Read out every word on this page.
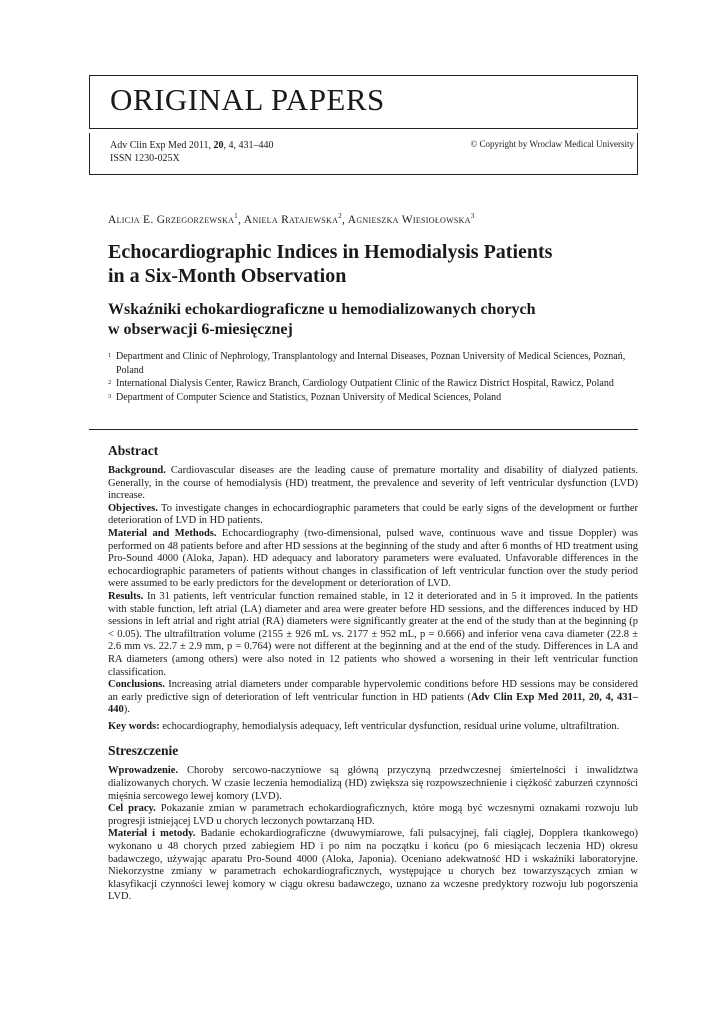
ORIGINAL PAPERS
Adv Clin Exp Med 2011, 20, 4, 431–440
ISSN 1230-025X
© Copyright by Wroclaw Medical University
Alicja E. Grzegorzewska$^1$, Aniela Ratajewska$^2$, Agnieszka Wiesiołowska$^3$
Echocardiographic Indices in Hemodialysis Patients
in a Six-Month Observation
Wskaźniki echokardiograficzne u hemodializowanych chorych
w obserwacji 6-miesięcznej
1 Department and Clinic of Nephrology, Transplantology and Internal Diseases, Poznan University of Medical Sciences, Poznań, Poland
2 International Dialysis Center, Rawicz Branch, Cardiology Outpatient Clinic of the Rawicz District Hospital, Rawicz, Poland
3 Department of Computer Science and Statistics, Poznan University of Medical Sciences, Poland
Abstract

Background. Cardiovascular diseases are the leading cause of premature mortality and disability of dialyzed patients. Generally, in the course of hemodialysis (HD) treatment, the prevalence and severity of left ventricular dysfunction (LVD) increase.

Objectives. To investigate changes in echocardiographic parameters that could be early signs of the development or further deterioration of LVD in HD patients.

Material and Methods. Echocardiography (two-dimensional, pulsed wave, continuous wave and tissue Doppler) was performed on 48 patients before and after HD sessions at the beginning of the study and after 6 months of HD treatment using Pro-Sound 4000 (Aloka, Japan). HD adequacy and laboratory parameters were evaluated. Unfavorable differences in the echocardiographic parameters of patients without changes in classification of left ventricular function over the study period were assumed to be early predictors for the development or deterioration of LVD.

Results. In 31 patients, left ventricular function remained stable, in 12 it deteriorated and in 5 it improved. In the patients with stable function, left atrial (LA) diameter and area were greater before HD sessions, and the differences induced by HD sessions in left atrial and right atrial (RA) diameters were significantly greater at the end of the study than at the beginning (p < 0.05). The ultrafiltration volume (2155 ± 926 mL vs. 2177 ± 952 mL, p = 0.666) and inferior vena cava diameter (22.8 ± 2.6 mm vs. 22.7 ± 2.9 mm, p = 0.764) were not different at the beginning and at the end of the study. Differences in LA and RA diameters (among others) were also noted in 12 patients who showed a worsening in their left ventricular function classification.

Conclusions. Increasing atrial diameters under comparable hypervolemic conditions before HD sessions may be considered an early predictive sign of deterioration of left ventricular function in HD patients (Adv Clin Exp Med 2011, 20, 4, 431–440).

Key words: echocardiography, hemodialysis adequacy, left ventricular dysfunction, residual urine volume, ultrafiltration.

Streszczenie

Wprowadzenie. Choroby sercowo-naczyniowe są główną przyczyną przedwczesnej śmiertelności i inwalidztwa dializowanych chorych. W czasie leczenia hemodializą (HD) zwiększa się rozpowszechnienie i ciężkość zaburzeń czynności mięśnia sercowego lewej komory (LVD).

Cel pracy. Pokazanie zmian w parametrach echokardiograficznych, które mogą być wczesnymi oznakami rozwoju lub progresji istniejącej LVD u chorych leczonych powtarzaną HD.

Materiał i metody. Badanie echokardiograficzne (dwuwymiarowe, fali pulsacyjnej, fali ciągłej, Dopplera tkankowego) wykonano u 48 chorych przed zabiegiem HD i po nim na początku i końcu (po 6 miesiącach leczenia HD) okresu badawczego, używając aparatu Pro-Sound 4000 (Aloka, Japonia). Oceniano adekwatność HD i wskaźniki laboratoryjne. Niekorzystne zmiany w parametrach echokardiograficznych, występujące u chorych bez towarzyszących zmian w klasyfikacji czynności lewej komory w ciągu okresu badawczego, uznano za wczesne predyktory rozwoju lub pogorszenia LVD.
